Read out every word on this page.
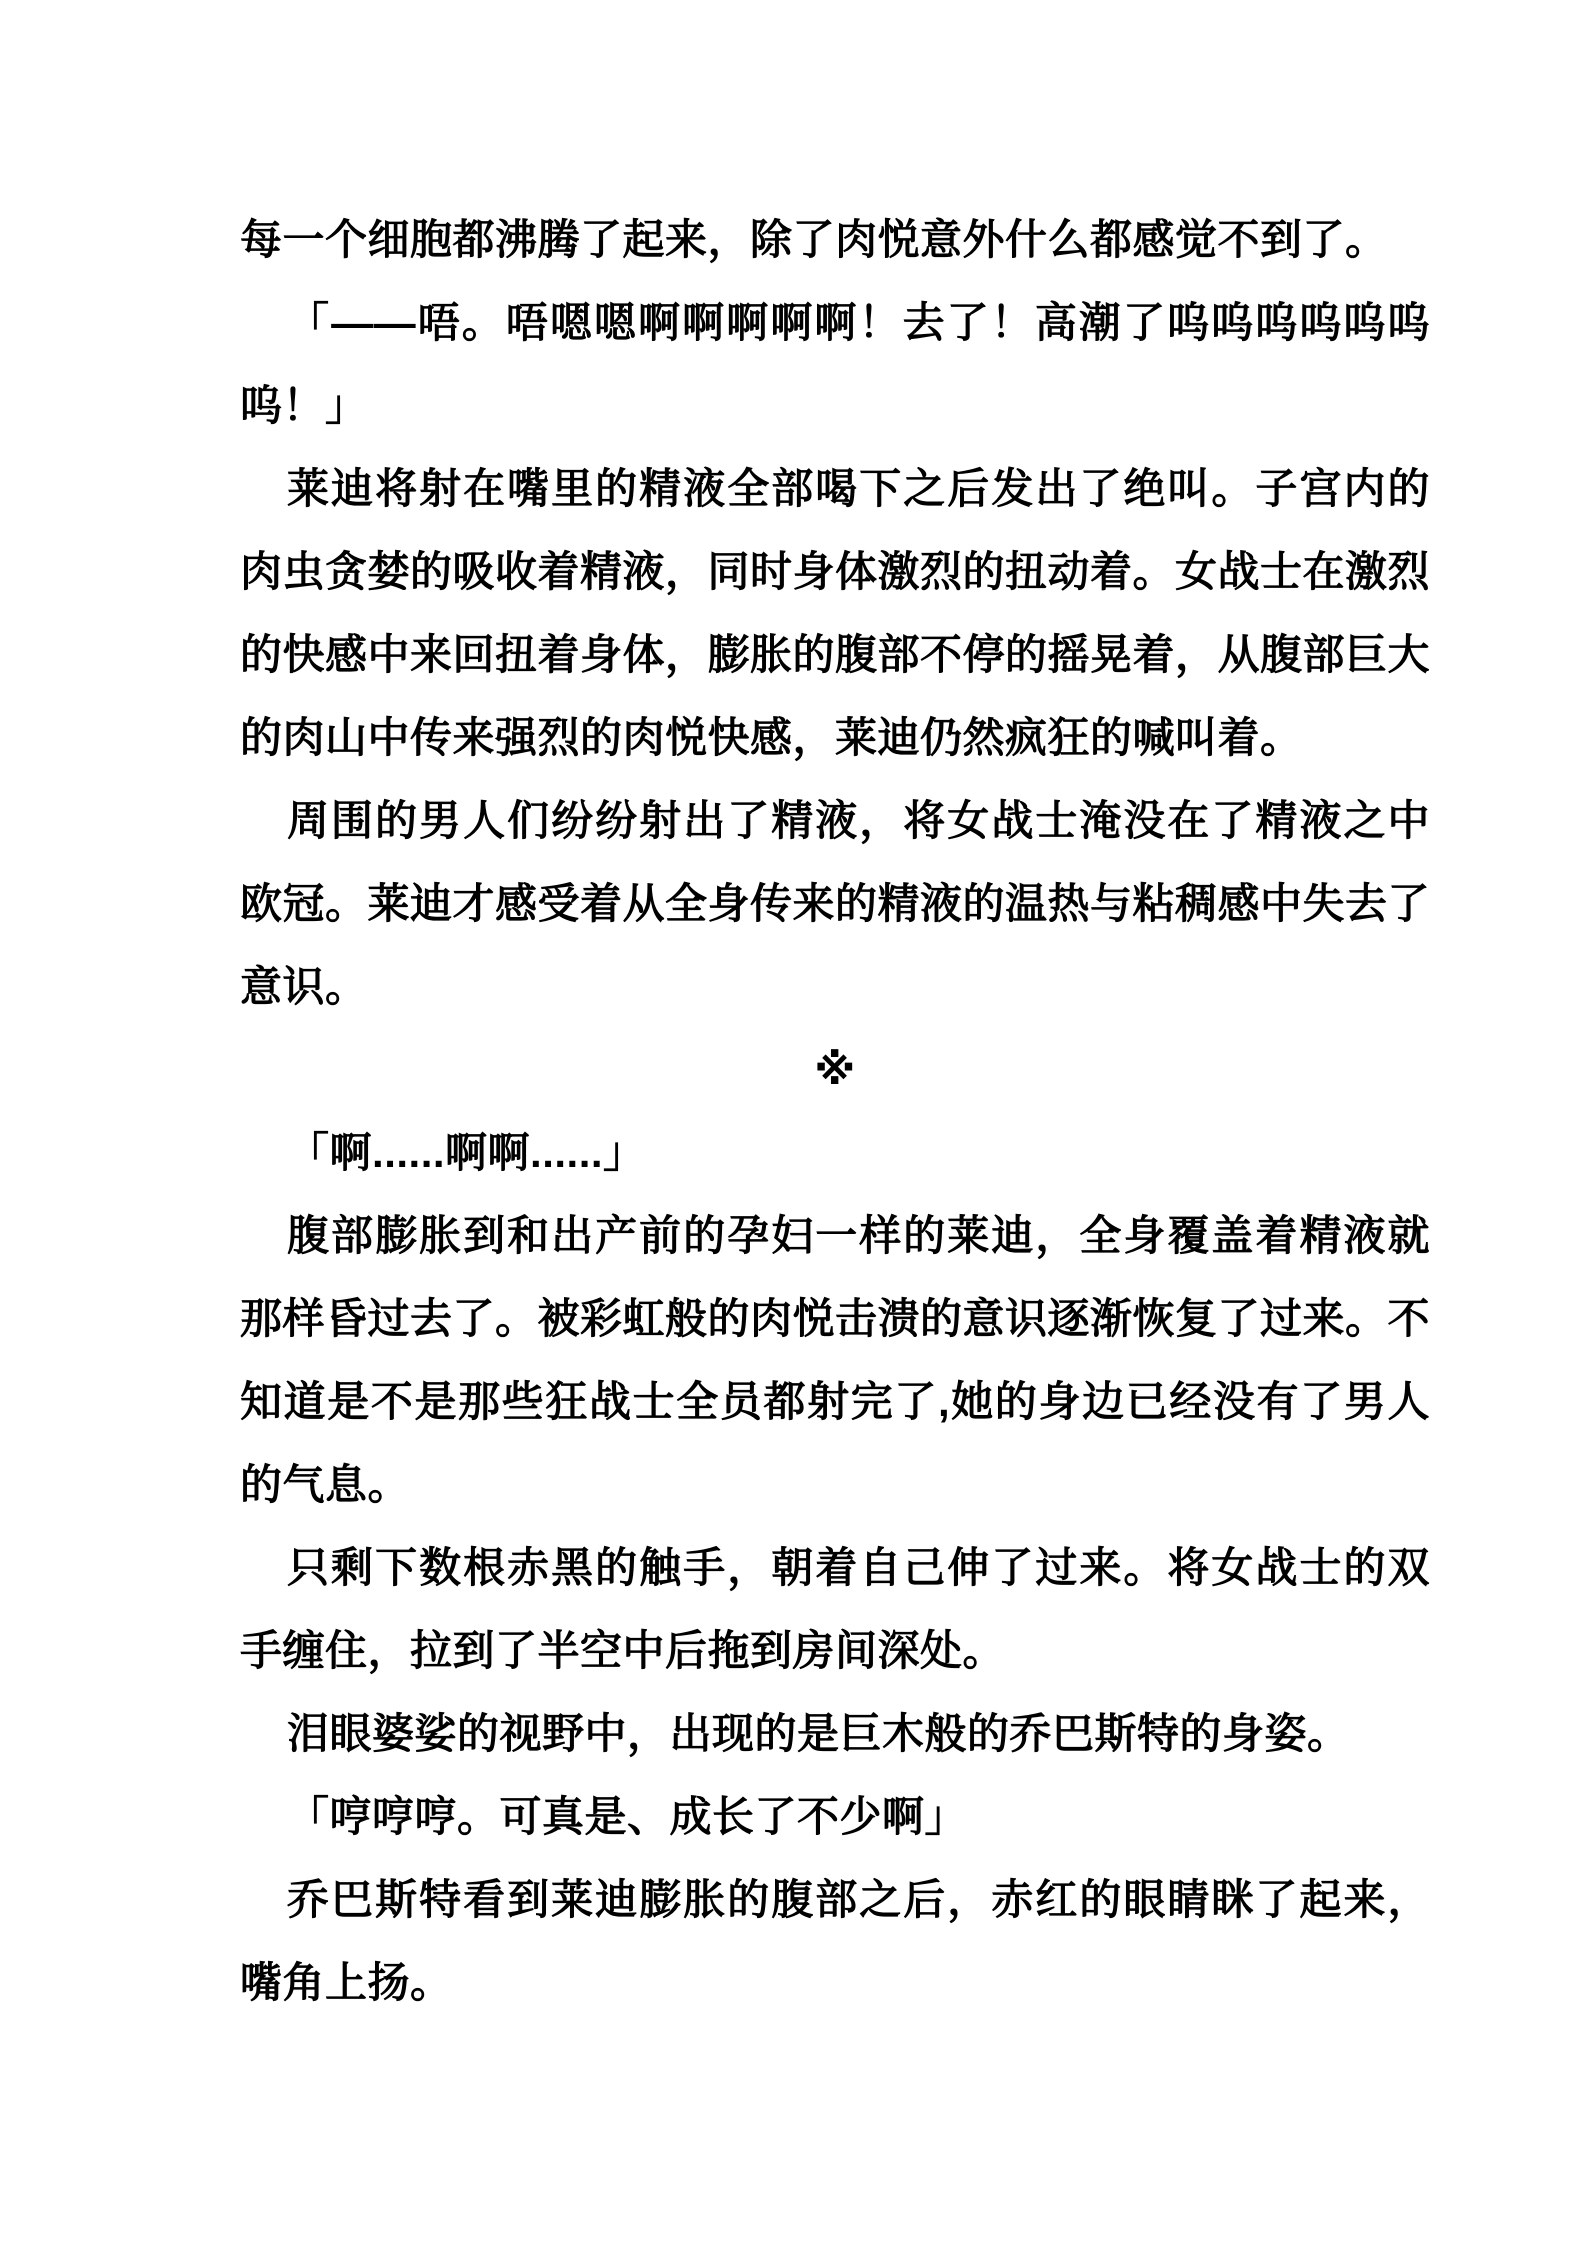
每一个细胞都沸腾了起来，除了肉悦意外什么都感觉不到了。

「——唔。唔嗯嗯啊啊啊啊啊！去了！高潮了呜呜呜呜呜呜呜！」

莱迪将射在嘴里的精液全部喝下之后发出了绝叫。子宫内的肉虫贪婪的吸收着精液，同时身体激烈的扭动着。女战士在激烈的快感中来回扭着身体，膨胀的腹部不停的摇晃着，从腹部巨大的肉山中传来强烈的肉悦快感，莱迪仍然疯狂的喊叫着。

周围的男人们纷纷射出了精液，将女战士淹没在了精液之中欧冠。莱迪才感受着从全身传来的精液的温热与粘稠感中失去了意识。

※

「啊......啊啊......」

腹部膨胀到和出产前的孕妇一样的莱迪，全身覆盖着精液就那样昏过去了。被彩虹般的肉悦击溃的意识逐渐恢复了过来。不知道是不是那些狂战士全员都射完了,她的身边已经没有了男人的气息。

只剩下数根赤黑的触手，朝着自己伸了过来。将女战士的双手缠住，拉到了半空中后拖到房间深处。

泪眼婆娑的视野中，出现的是巨木般的乔巴斯特的身姿。

「哼哼哼。可真是、成长了不少啊」

乔巴斯特看到莱迪膨胀的腹部之后，赤红的眼睛眯了起来，嘴角上扬。
